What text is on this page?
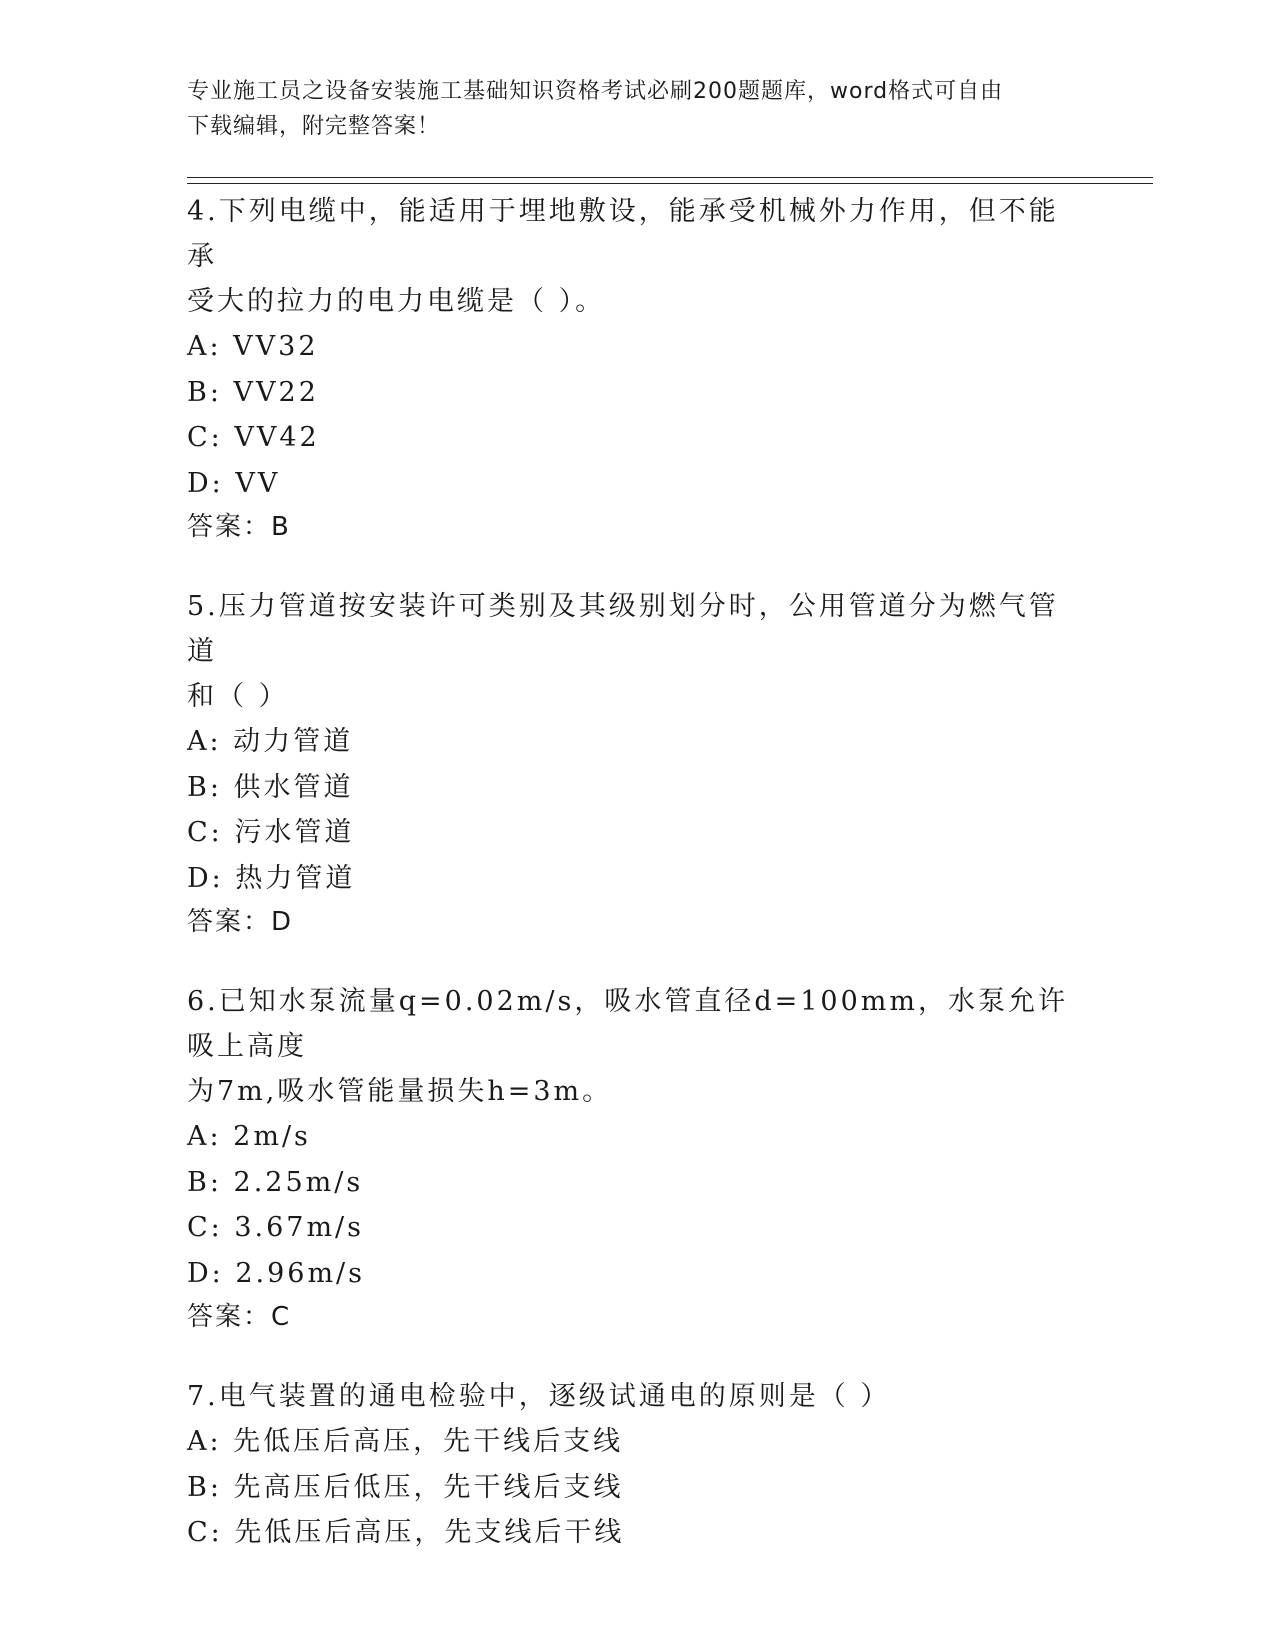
专业施工员之设备安装施工基础知识资格考试必刷200题题库，word格式可自由
下载编辑，附完整答案！
4.下列电缆中，能适用于埋地敷设，能承受机械外力作用，但不能承
受大的拉力的电力电缆是（ ）。
A: VV32
B: VV22
C: VV42
D: VV
答案：B
5.压力管道按安装许可类别及其级别划分时，公用管道分为燃气管道
和（ ）
A: 动力管道
B: 供水管道
C: 污水管道
D: 热力管道
答案：D
6.已知水泵流量q=0.02m/s，吸水管直径d=100mm，水泵允许吸上高度
为7m,吸水管能量损失h=3m。
A: 2m/s
B: 2.25m/s
C: 3.67m/s
D: 2.96m/s
答案：C
7.电气装置的通电检验中，逐级试通电的原则是（ ）
A: 先低压后高压，先干线后支线
B: 先高压后低压，先干线后支线
C: 先低压后高压，先支线后干线
